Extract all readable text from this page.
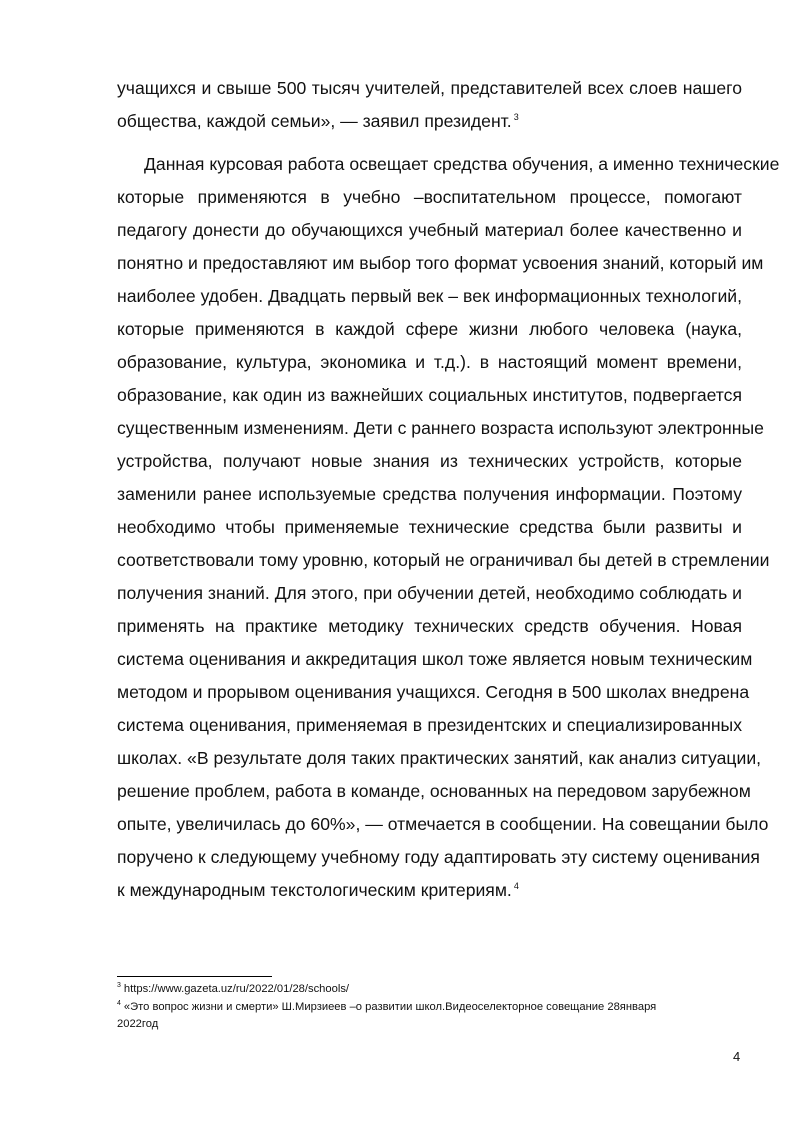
учащихся и свыше 500 тысяч учителей, представителей всех слоев нашего
общества, каждой семьи», — заявил президент. $^3$
Данная курсовая работа освещает средства обучения, а именно технические
которые применяются в учебно –воспитательном процессе, помогают
педагогу донести до обучающихся учебный материал более качественно и
понятно и предоставляют им выбор того формат усвоения знаний, который им
наиболее удобен. Двадцать первый век – век информационных технологий,
которые применяются в каждой сфере жизни любого человека (наука,
образование, культура, экономика и т.д.). в настоящий момент времени,
образование, как один из важнейших социальных институтов, подвергается
существенным изменениям. Дети с раннего возраста используют электронные
устройства, получают новые знания из технических устройств, которые
заменили ранее используемые средства получения информации. Поэтому
необходимо чтобы применяемые технические средства были развиты и
соответствовали тому уровню, который не ограничивал бы детей в стремлении
получения знаний. Для этого, при обучении детей, необходимо соблюдать и
применять на практике методику технических средств обучения. Новая
система оценивания и аккредитация школ тоже является новым техническим
методом и прорывом оценивания учащихся. Сегодня в 500 школах внедрена
система оценивания, применяемая в президентских и специализированных
школах. «В результате доля таких практических занятий, как анализ ситуации,
решение проблем, работа в команде, основанных на передовом зарубежном
опыте, увеличилась до 60%», — отмечается в сообщении. На совещании было
поручено к следующему учебному году адаптировать эту систему оценивания
к международным текстологическим критериям. $^4$
$^3$ https://www.gazeta.uz/ru/2022/01/28/schools/
$^4$ «Это вопрос жизни и смерти» Ш.Мирзиеев –о развитии школ.Видеоселекторное совещание 28января
2022год
4
